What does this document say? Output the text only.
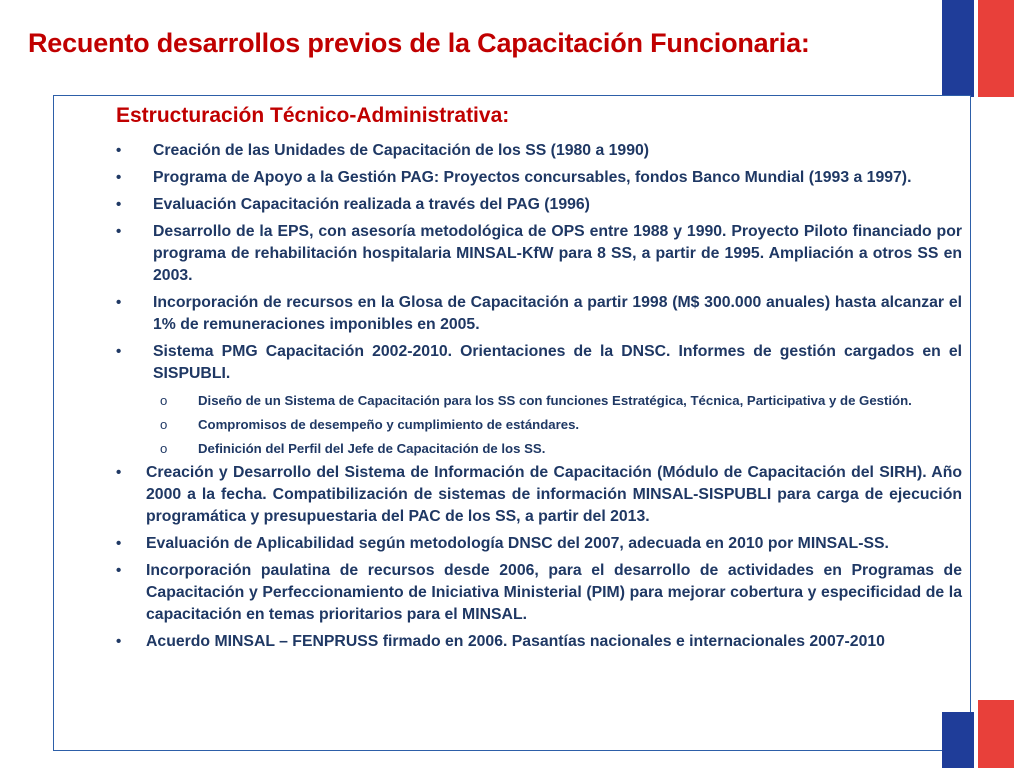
Recuento desarrollos previos de la Capacitación Funcionaria:
Estructuración Técnico-Administrativa:
• Creación de las Unidades de Capacitación de los SS (1980 a 1990)
• Programa de Apoyo a la Gestión PAG: Proyectos concursables, fondos Banco Mundial (1993 a 1997).
• Evaluación Capacitación realizada a través del PAG (1996)
• Desarrollo de la EPS, con asesoría metodológica de OPS entre 1988 y 1990. Proyecto Piloto financiado por programa de rehabilitación hospitalaria MINSAL-KfW para 8 SS, a partir de 1995. Ampliación a otros SS en 2003.
• Incorporación de recursos en la Glosa de Capacitación a partir 1998 (M$ 300.000 anuales) hasta alcanzar el 1% de remuneraciones imponibles en 2005.
• Sistema PMG Capacitación 2002-2010. Orientaciones de la DNSC. Informes de gestión cargados en el SISPUBLI.
o Diseño de un Sistema de Capacitación para los SS con funciones Estratégica, Técnica, Participativa y de Gestión.
o Compromisos de desempeño y cumplimiento de estándares.
o Definición del Perfil del Jefe de Capacitación de los SS.
• Creación y Desarrollo del Sistema de Información de Capacitación (Módulo de Capacitación del SIRH). Año 2000 a la fecha. Compatibilización de sistemas de información MINSAL-SISPUBLI para carga de ejecución programática y presupuestaria del PAC de los SS, a partir del 2013.
• Evaluación de Aplicabilidad según metodología DNSC del 2007, adecuada en 2010 por MINSAL-SS.
• Incorporación paulatina de recursos desde 2006, para el desarrollo de actividades en Programas de Capacitación y Perfeccionamiento de Iniciativa Ministerial (PIM) para mejorar cobertura y especificidad de la capacitación en temas prioritarios para el MINSAL.
• Acuerdo MINSAL – FENPRUSS firmado en 2006. Pasantías nacionales e internacionales 2007-2010
